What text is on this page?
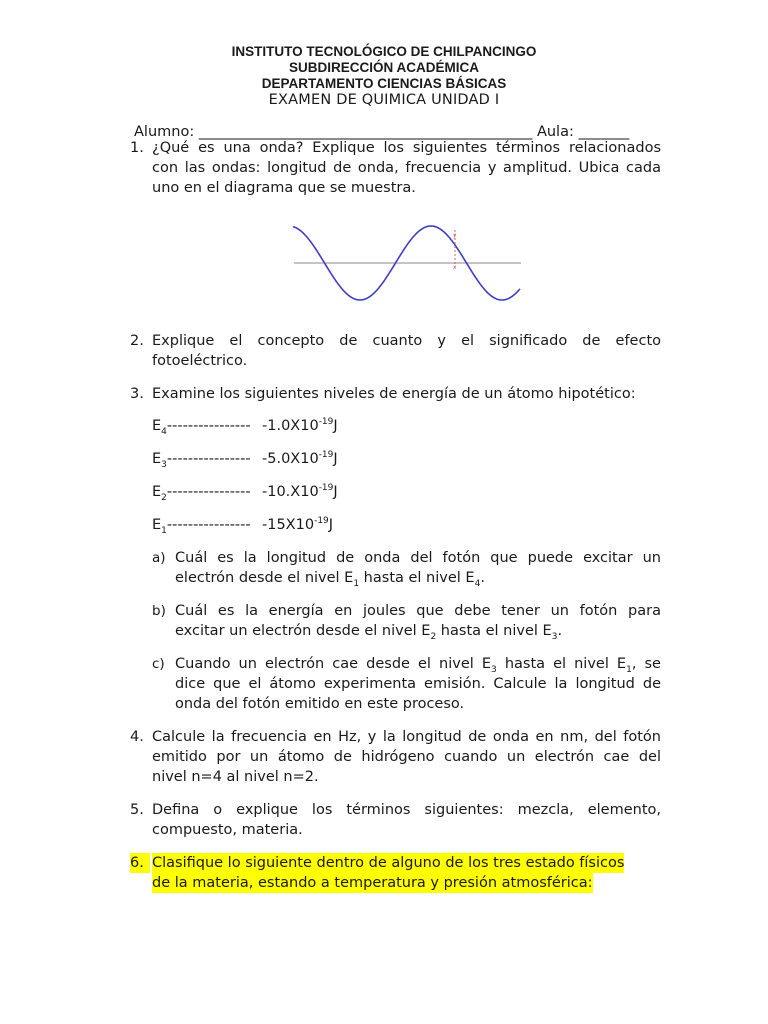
INSTITUTO TECNOLÓGICO DE CHILPANCINGO
SUBDIRECCIÓN ACADÉMICA
DEPARTAMENTO CIENCIAS BÁSICAS
EXAMEN DE QUIMICA UNIDAD I
Alumno: ______________________________________________ Aula: _______
1. ¿Qué es una onda? Explique los siguientes términos relacionados
con las ondas: longitud de onda, frecuencia y amplitud. Ubica cada
uno en el diagrama que se muestra.
y
x
2. Explique el concepto de cuanto y el significado de efecto
fotoeléctrico.
3. Examine los siguientes niveles de energía de un átomo hipotético:
$E_4----------------$ $-1.0X10^{-19}J$
$E_3----------------$ $-5.0X10^{-19}J$
$E_2----------------$ $-10.X10^{-19}J$
$E_1----------------$ $-15X10^{-19}J$
a) Cuál es la longitud de onda del fotón que puede excitar un
electrón desde el nivel $E_1$ hasta el nivel $E_4$.
b) Cuál es la energía en joules que debe tener un fotón para
excitar un electrón desde el nivel $E_2$ hasta el nivel $E_3$.
c) Cuando un electrón cae desde el nivel $E_3$ hasta el nivel $E_1$, se
dice que el átomo experimenta emisión. Calcule la longitud de
onda del fotón emitido en este proceso.
4. Calcule la frecuencia en Hz, y la longitud de onda en nm, del fotón
emitido por un átomo de hidrógeno cuando un electrón cae del
nivel n=4 al nivel n=2.
5. Defina o explique los términos siguientes: mezcla, elemento,
compuesto, materia.
6. Clasifique lo siguiente dentro de alguno de los tres estado físicos
de la materia, estando a temperatura y presión atmosférica:
